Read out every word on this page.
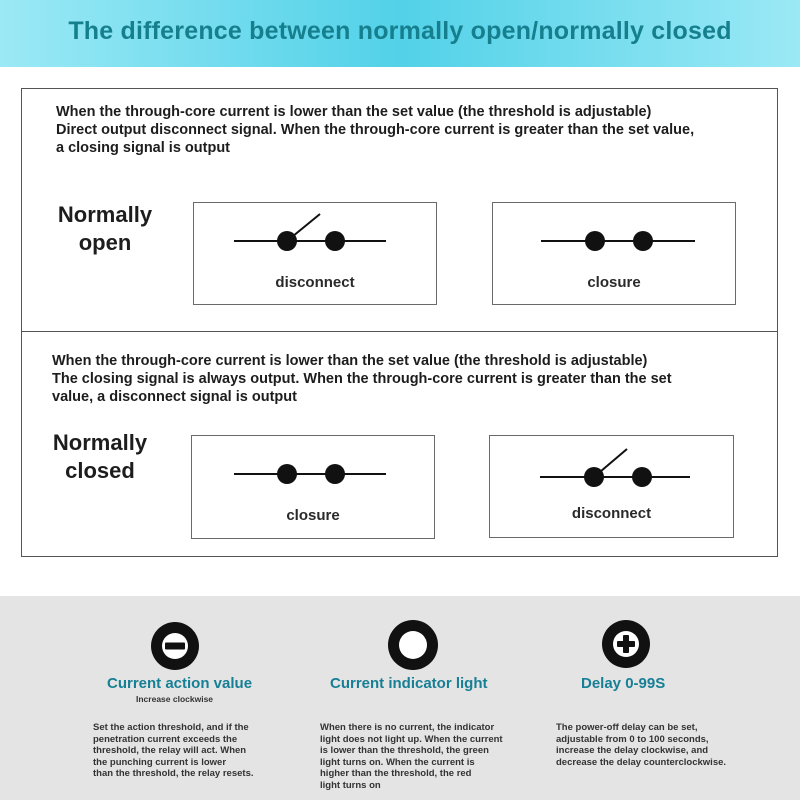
The difference between normally open/normally closed
When the through-core current is lower than the set value (the threshold is adjustable)
Direct output disconnect signal. When the through-core current is greater than the set value,
a closing signal is output
Normally
open
disconnect	closure
When the through-core current is lower than the set value (the threshold is adjustable)
The closing signal is always output. When the through-core current is greater than the set
value, a disconnect signal is output
Normally
closed
closure	disconnect
Current action value
Increase clockwise
Set the action threshold, and if the
penetration current exceeds the
threshold, the relay will act. When
the punching current is lower
than the threshold, the relay resets.
Current indicator light
When there is no current, the indicator
light does not light up. When the current
is lower than the threshold, the green
light turns on. When the current is
higher than the threshold, the red
light turns on
Delay 0-99S
The power-off delay can be set,
adjustable from 0 to 100 seconds,
increase the delay clockwise, and
decrease the delay counterclockwise.
